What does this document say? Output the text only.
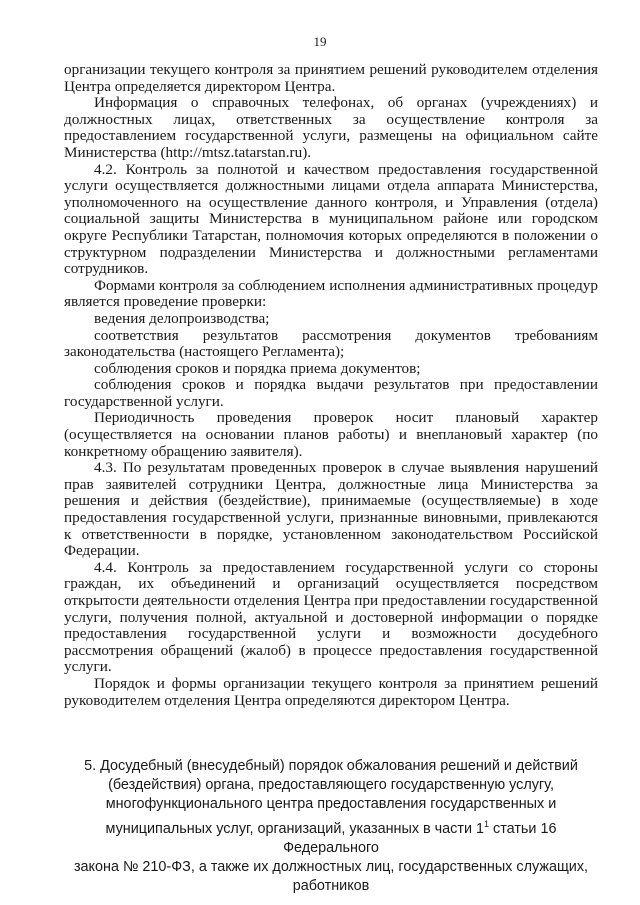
19

организации текущего контроля за принятием решений руководителем отделения Центра определяется директором Центра.

Информация о справочных телефонах, об органах (учреждениях) и должностных лицах, ответственных за осуществление контроля за предоставлением государственной услуги, размещены на официальном сайте Министерства (http://mtsz.tatarstan.ru).

4.2. Контроль за полнотой и качеством предоставления государственной услуги осуществляется должностными лицами отдела аппарата Министерства, уполномоченного на осуществление данного контроля, и Управления (отдела) социальной защиты Министерства в муниципальном районе или городском округе Республики Татарстан, полномочия которых определяются в положении о структурном подразделении Министерства и должностными регламентами сотрудников.

Формами контроля за соблюдением исполнения административных процедур является проведение проверки:

ведения делопроизводства;

соответствия результатов рассмотрения документов требованиям законодательства (настоящего Регламента);

соблюдения сроков и порядка приема документов;

соблюдения сроков и порядка выдачи результатов при предоставлении государственной услуги.

Периодичность проведения проверок носит плановый характер (осуществляется на основании планов работы) и внеплановый характер (по конкретному обращению заявителя).

4.3. По результатам проведенных проверок в случае выявления нарушений прав заявителей сотрудники Центра, должностные лица Министерства за решения и действия (бездействие), принимаемые (осуществляемые) в ходе предоставления государственной услуги, признанные виновными, привлекаются к ответственности в порядке, установленном законодательством Российской Федерации.

4.4. Контроль за предоставлением государственной услуги со стороны граждан, их объединений и организаций осуществляется посредством открытости деятельности отделения Центра при предоставлении государственной услуги, получения полной, актуальной и достоверной информации о порядке предоставления государственной услуги и возможности досудебного рассмотрения обращений (жалоб) в процессе предоставления государственной услуги.

Порядок и формы организации текущего контроля за принятием решений руководителем отделения Центра определяются директором Центра.

5. Досудебный (внесудебный) порядок обжалования решений и действий
(бездействия) органа, предоставляющего государственную услугу,
многофункционального центра предоставления государственных и
муниципальных услуг, организаций, указанных в части $1^1$ статьи 16 Федерального
закона № 210-ФЗ, а также их должностных лиц, государственных служащих,
работников
